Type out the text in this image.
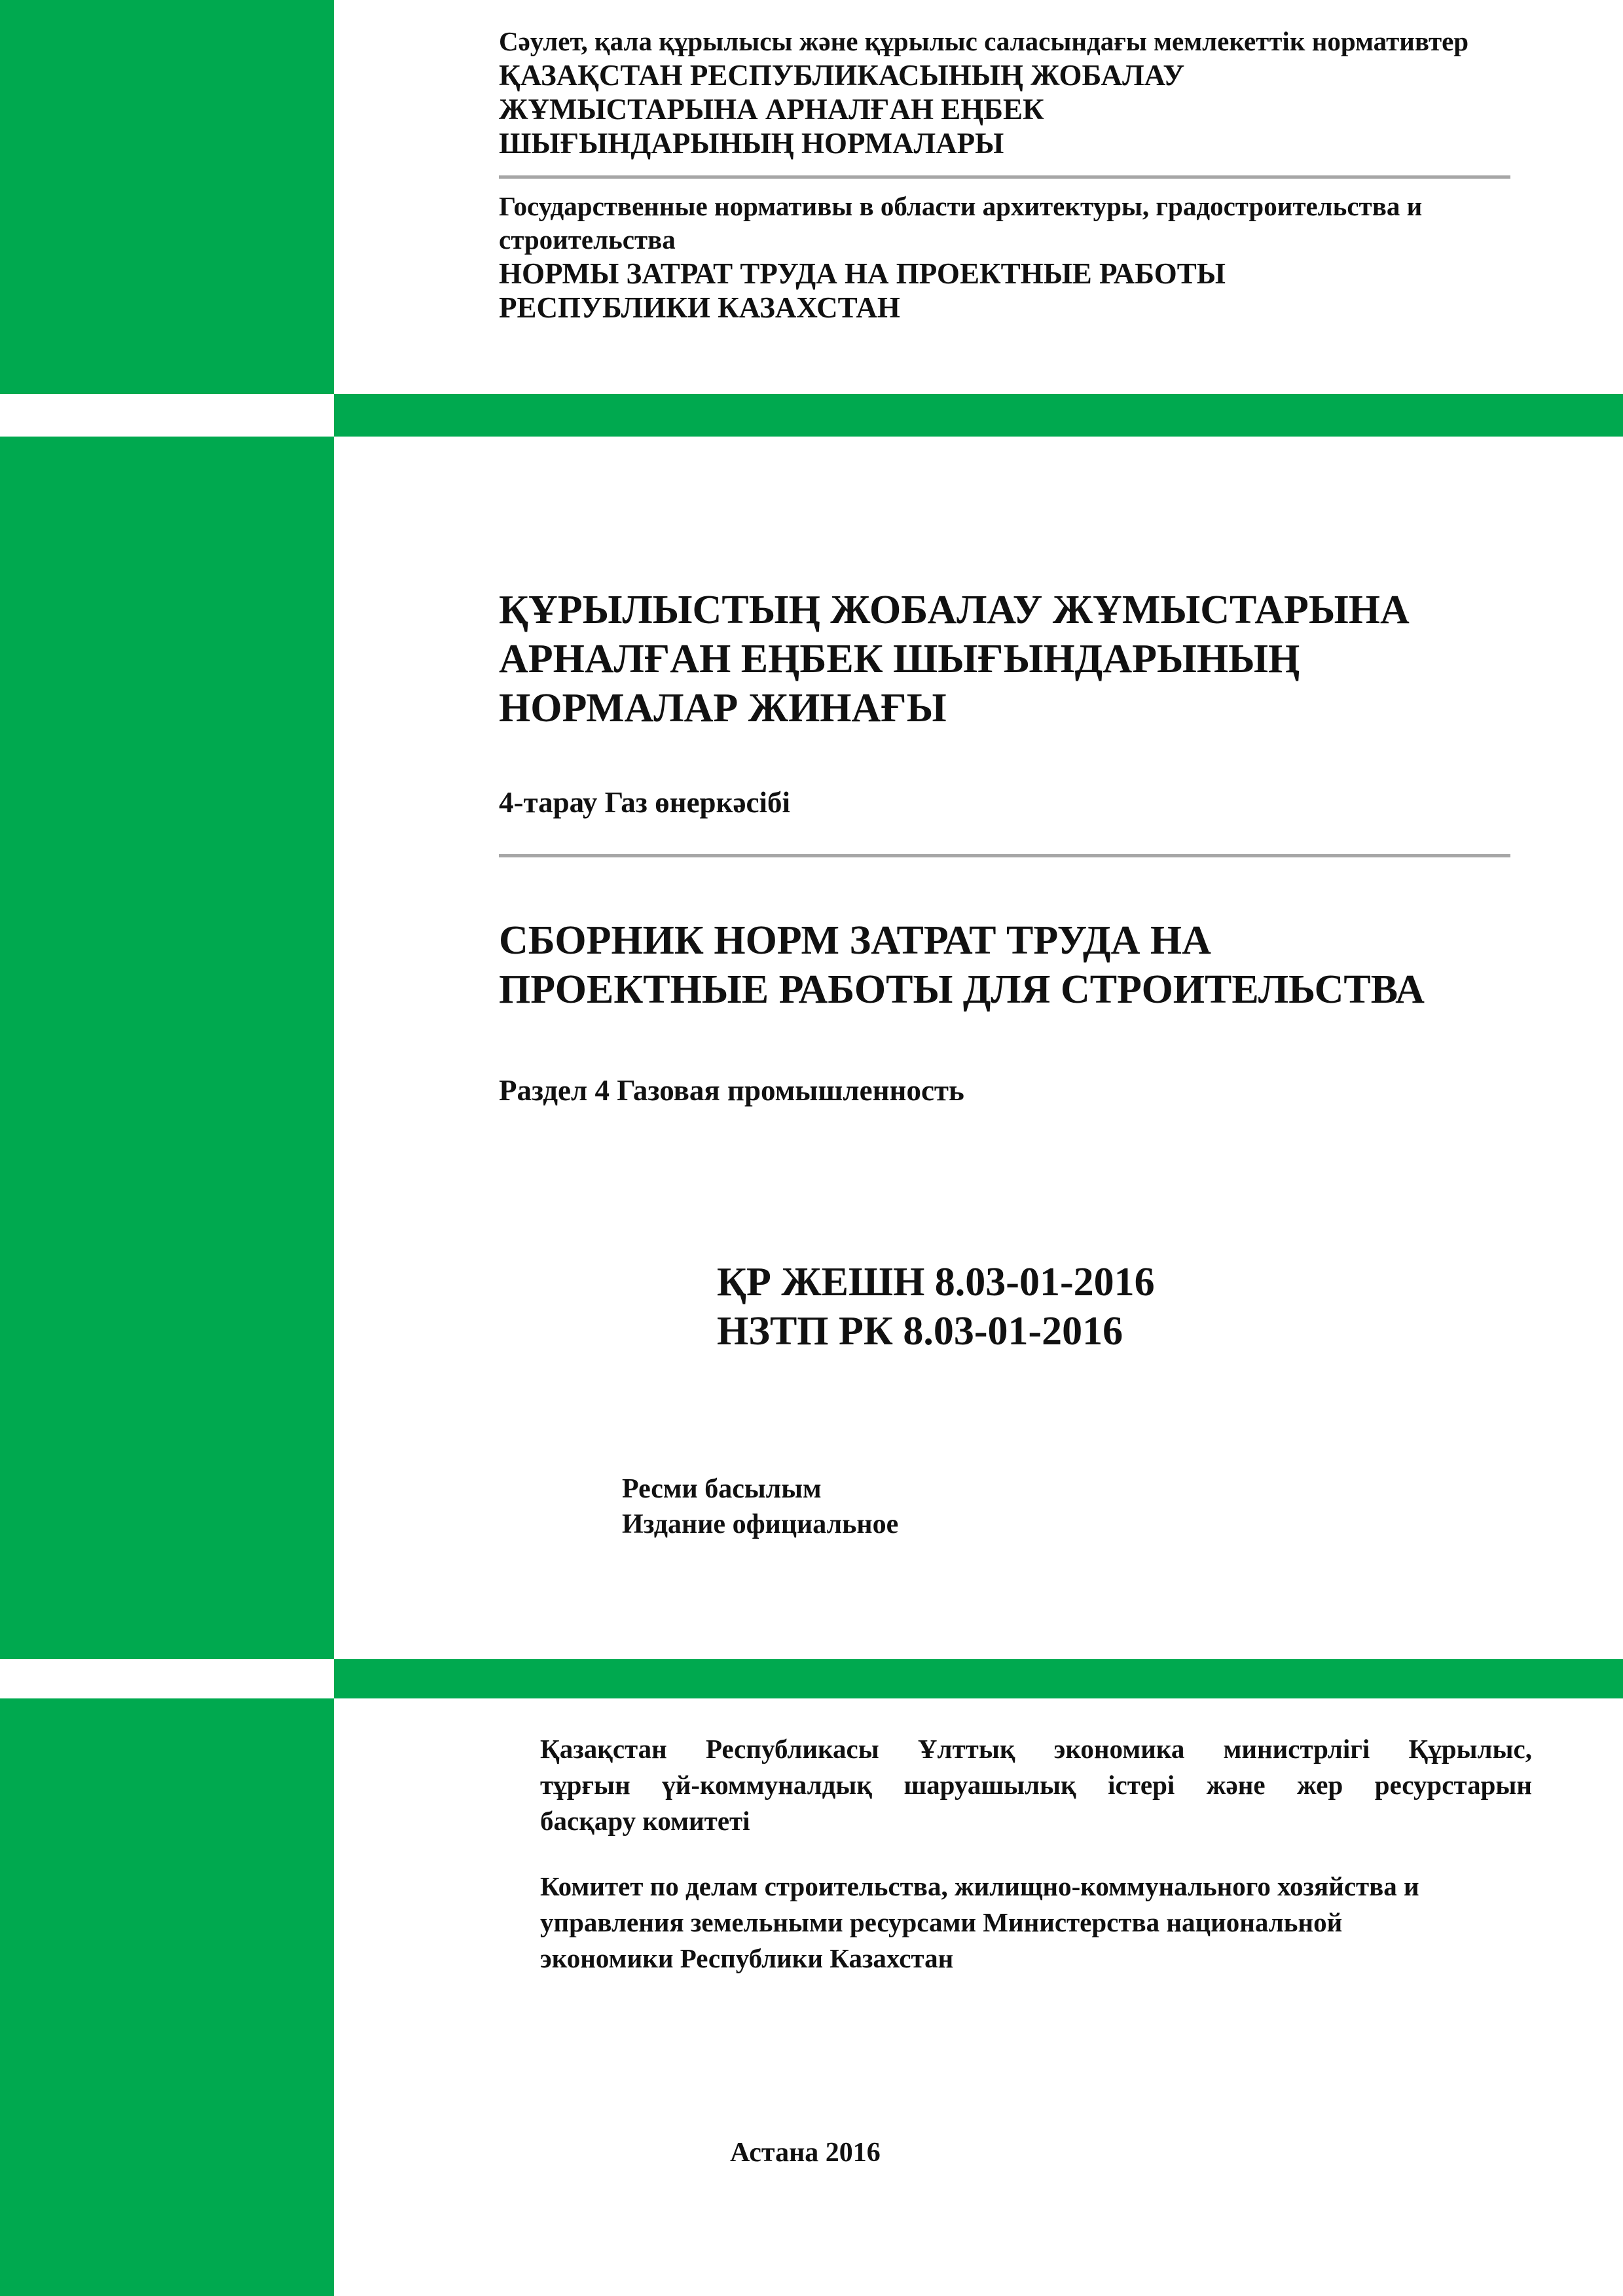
Сәулет, қала құрылысы және құрылыс саласындағы мемлекеттік нормативтер
ҚАЗАҚСТАН РЕСПУБЛИКАСЫНЫҢ ЖОБАЛАУ
ЖҰМЫСТАРЫНА АРНАЛҒАН ЕҢБЕК
ШЫҒЫНДАРЫНЫҢ НОРМАЛАРЫ
Государственные нормативы в области архитектуры, градостроительства и
строительства
НОРМЫ ЗАТРАТ ТРУДА НА ПРОЕКТНЫЕ РАБОТЫ
РЕСПУБЛИКИ КАЗАХСТАН
ҚҰРЫЛЫСТЫҢ ЖОБАЛАУ ЖҰМЫСТАРЫНА
АРНАЛҒАН ЕҢБЕК ШЫҒЫНДАРЫНЫҢ
НОРМАЛАР ЖИНАҒЫ
4-тарау Газ өнеркәсібі
СБОРНИК НОРМ ЗАТРАТ ТРУДА НА
ПРОЕКТНЫЕ РАБОТЫ ДЛЯ СТРОИТЕЛЬСТВА
Раздел 4 Газовая промышленность
ҚР ЖЕШН 8.03-01-2016
НЗТП РК 8.03-01-2016
Ресми басылым
Издание официальное
Қазақстан Республикасы Ұлттық экономика министрлігі Құрылыс,
тұрғын үй-коммуналдық шаруашылық істері және жер ресурстарын
басқару комитеті
Комитет по делам строительства, жилищно-коммунального хозяйства и
управления земельными ресурсами Министерства национальной
экономики Республики Казахстан
Астана 2016
